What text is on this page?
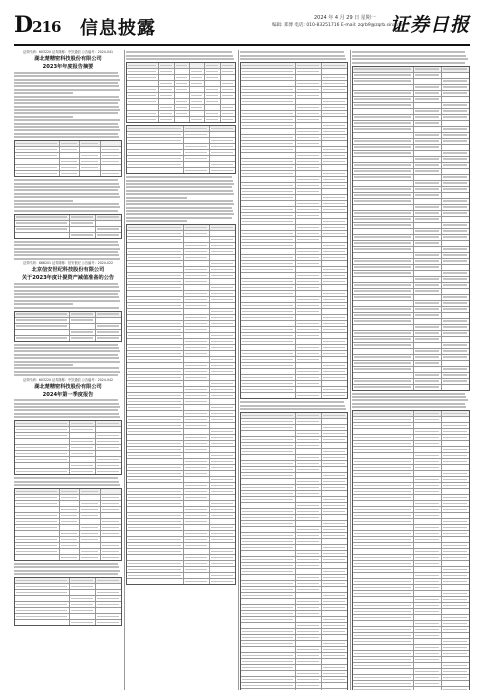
D216 信息披露	2024 年 4 月 29 日 星期一
编辑: 郑博 电话: 010-83251716 E-mail: zqrb9@zqrb.sina.net
证券日报
证券代码：603220 证券简称：中贝通信 公告编号：2024-041
湖北楚精密科技股份有限公司
2023年年度报告摘要
证券代码：688201 证券简称：信安世纪 公告编号：2024-022
北京信安世纪科技股份有限公司
关于2023年度计提资产减值准备的公告
证券代码：603220 证券简称：中贝通信 公告编号：2024-042
湖北楚精密科技股份有限公司
2024年第一季度报告
